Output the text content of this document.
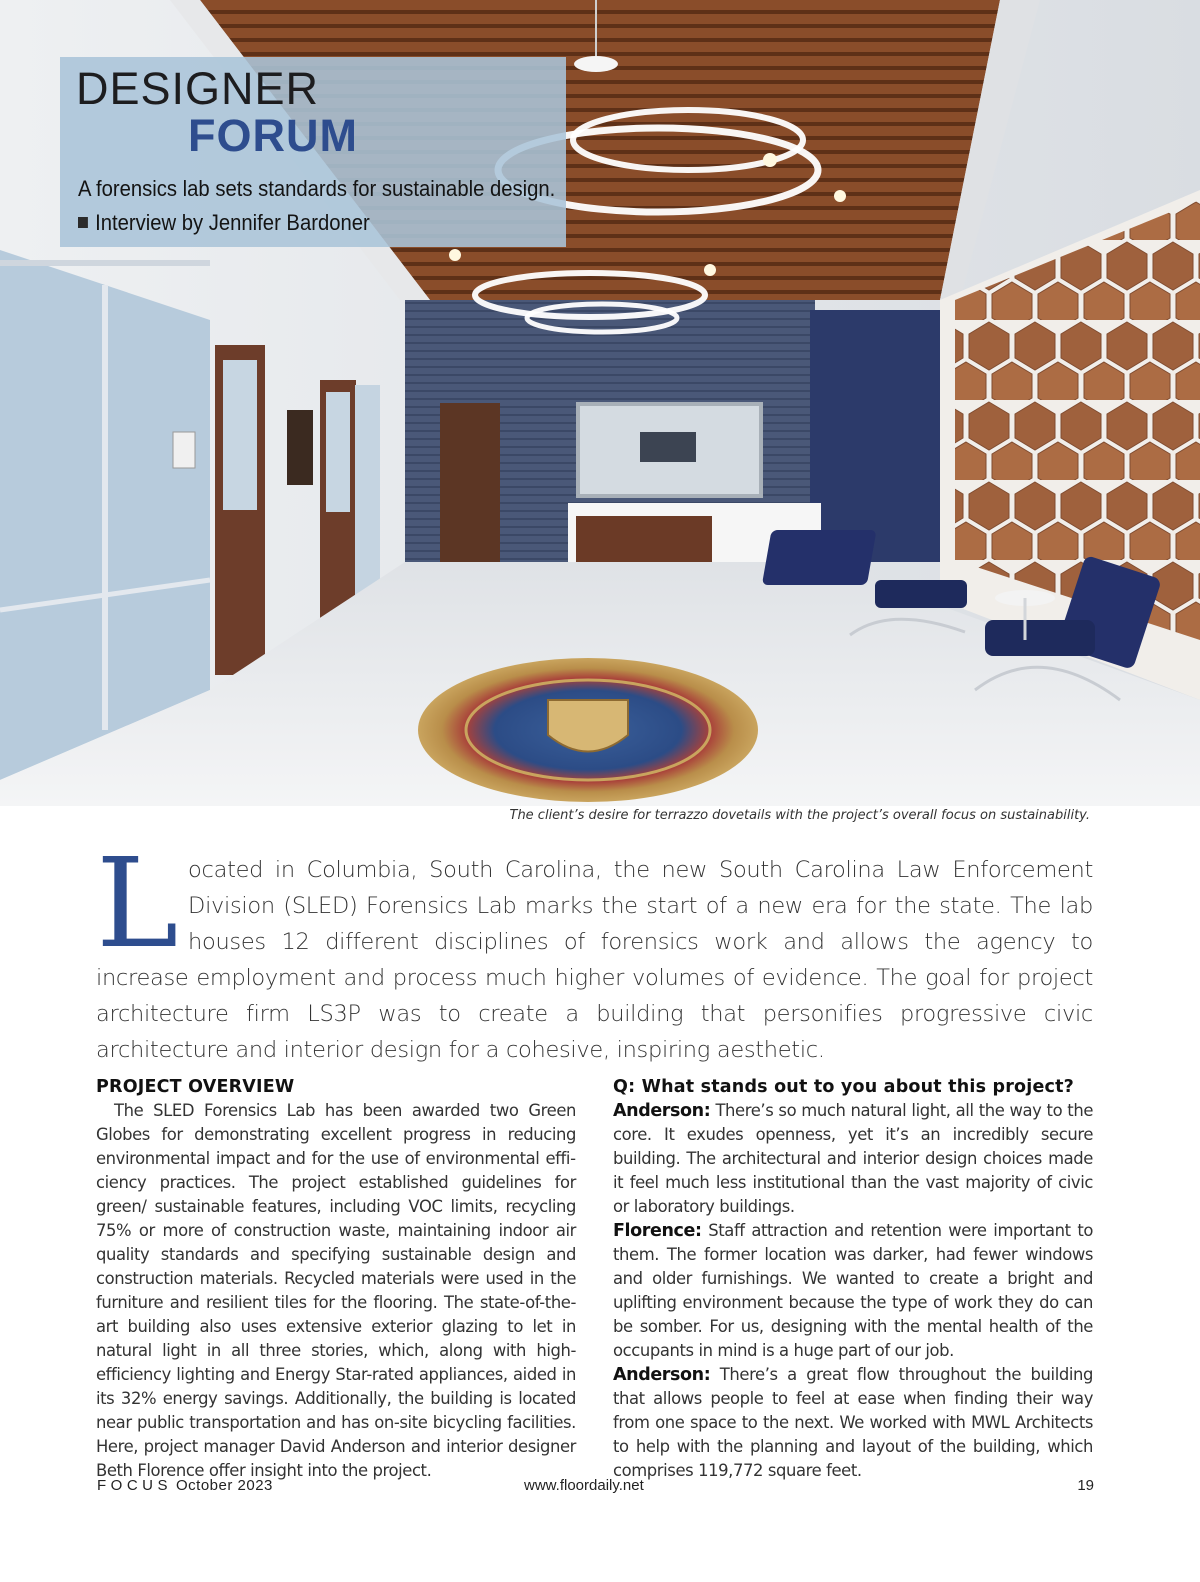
DESIGNER
FORUM
A forensics lab sets standards for sustainable design.
Interview by Jennifer Bardoner
The client’s desire for terrazzo dovetails with the project’s overall focus on sustainability.
Located in Columbia, South Carolina, the new South Carolina Law Enforcement Division (SLED) Forensics Lab marks the start of a new era for the state. The lab houses 12 different disciplines of forensics work and allows the agency to increase employment and process much higher volumes of evidence. The goal for project architecture firm LS3P was to create a building that personifies progressive civic architecture and interior design for a cohesive, inspiring aesthetic.
PROJECT OVERVIEW

The SLED Forensics Lab has been awarded two Green Globes for demonstrating excellent progress in reducing environmental impact and for the use of environmental efficiency practices. The project established guidelines for green/ sustainable features, including VOC limits, recycling 75% or more of construction waste, maintaining indoor air quality standards and specifying sustainable design and construction materials. Recycled materials were used in the furniture and resilient tiles for the flooring. The state-of-the-art building also uses extensive exterior glazing to let in natural light in all three stories, which, along with high-efficiency lighting and Energy Star-rated appliances, aided in its 32% energy savings. Additionally, the building is located near public transportation and has on-site bicycling facilities. Here, project manager David Anderson and interior designer Beth Florence offer insight into the project.

Q: What stands out to you about this project?

Anderson: There’s so much natural light, all the way to the core. It exudes openness, yet it’s an incredibly secure building. The architectural and interior design choices made it feel much less institutional than the vast majority of civic or laboratory buildings.

Florence: Staff attraction and retention were important to them. The former location was darker, had fewer windows and older furnishings. We wanted to create a bright and uplifting environment because the type of work they do can be somber. For us, designing with the mental health of the occupants in mind is a huge part of our job.

Anderson: There’s a great flow throughout the building that allows people to feel at ease when finding their way from one space to the next. We worked with MWL Architects to help with the planning and layout of the building, which comprises 119,772 square feet.

FOCUS October 2023	www.floordaily.net	19
